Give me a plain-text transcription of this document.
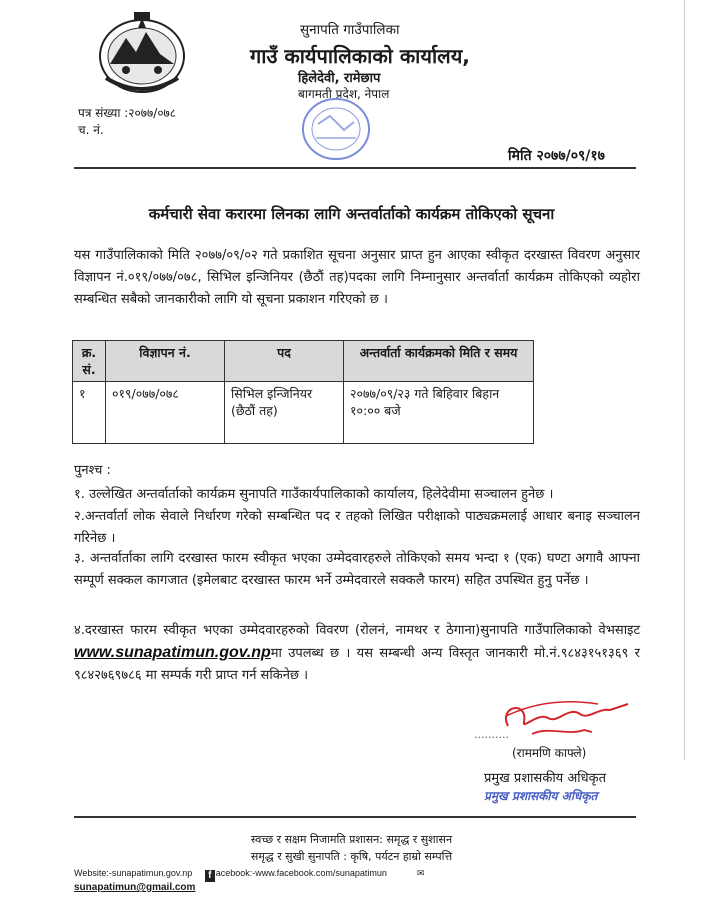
सुनापति गाउँपालिका
गाउँ कार्यपालिकाको कार्यालय,
हिलेदेवी, रामेछाप
बागमती प्रदेश, नेपाल
पत्र संख्या :२०७७/०७८
च. नं.
मिति २०७७/०९/१७
कर्मचारी सेवा करारमा लिनका लागि अन्तर्वार्ताको कार्यक्रम तोकिएको सूचना
यस गाउँपालिकाको मिति २०७७/०९/०२ गते प्रकाशित सूचना अनुसार प्राप्त हुन आएका स्वीकृत दरखास्त विवरण अनुसार विज्ञापन नं.०१९/०७७/०७८, सिभिल इन्जिनियर (छैठौं तह)पदका लागि निम्नानुसार अन्तर्वार्ता कार्यक्रम तोकिएको व्यहोरा सम्बन्धित सबैको जानकारीको लागि यो सूचना प्रकाशन गरिएको छ ।
क्र. सं.	विज्ञापन नं.	पद	अन्तर्वार्ता कार्यक्रमको मिति र समय
१	०१९/०७७/०७८	सिभिल इन्जिनियर (छैठौं तह)	२०७७/०९/२३ गते बिहिवार बिहान १०:०० बजे
पुनश्च :
१. उल्लेखित अन्तर्वार्ताको कार्यक्रम सुनापति गाउँकार्यपालिकाको कार्यालय, हिलेदेवीमा सञ्चालन हुनेछ ।
२.अन्तर्वार्ता लोक सेवाले निर्धारण गरेको सम्बन्धित पद र तहको लिखित परीक्षाको पाठ्यक्रमलाई आधार बनाइ सञ्चालन गरिनेछ ।
३. अन्तर्वार्ताका लागि दरखास्त फारम स्वीकृत भएका उम्मेदवारहरुले तोकिएको समय भन्दा १ (एक) घण्टा अगावै आफ्ना सम्पूर्ण सक्कल कागजात (इमेलबाट दरखास्त फारम भर्ने उम्मेदवारले सक्कलै फारम) सहित उपस्थित हुनु पर्नेछ ।
४.दरखास्त फारम स्वीकृत भएका उम्मेदवारहरुको विवरण (रोलनं, नामथर र ठेगाना)सुनापति गाउँपालिकाको वेभसाइट www.sunapatimun.gov.npमा उपलब्ध छ । यस सम्बन्धी अन्य विस्तृत जानकारी मो.नं.९८४३१५१३६९ र ९८४२७६९७८६ मा सम्पर्क गरी प्राप्त गर्न सकिनेछ ।
..........
(राममणि काफ्ले)
प्रमुख प्रशासकीय अधिकृत
प्रमुख प्रशासकीय अधिकृत
स्वच्छ र सक्षम निजामति प्रशासन: समृद्ध र सुशासन
समृद्ध र सुखी सुनापति : कृषि, पर्यटन हाम्रो सम्पत्ति
Website:-sunapatimun.gov.np f acebook:-www.facebook.com/sunapatimun	✉sunapatimun@gmail.com
